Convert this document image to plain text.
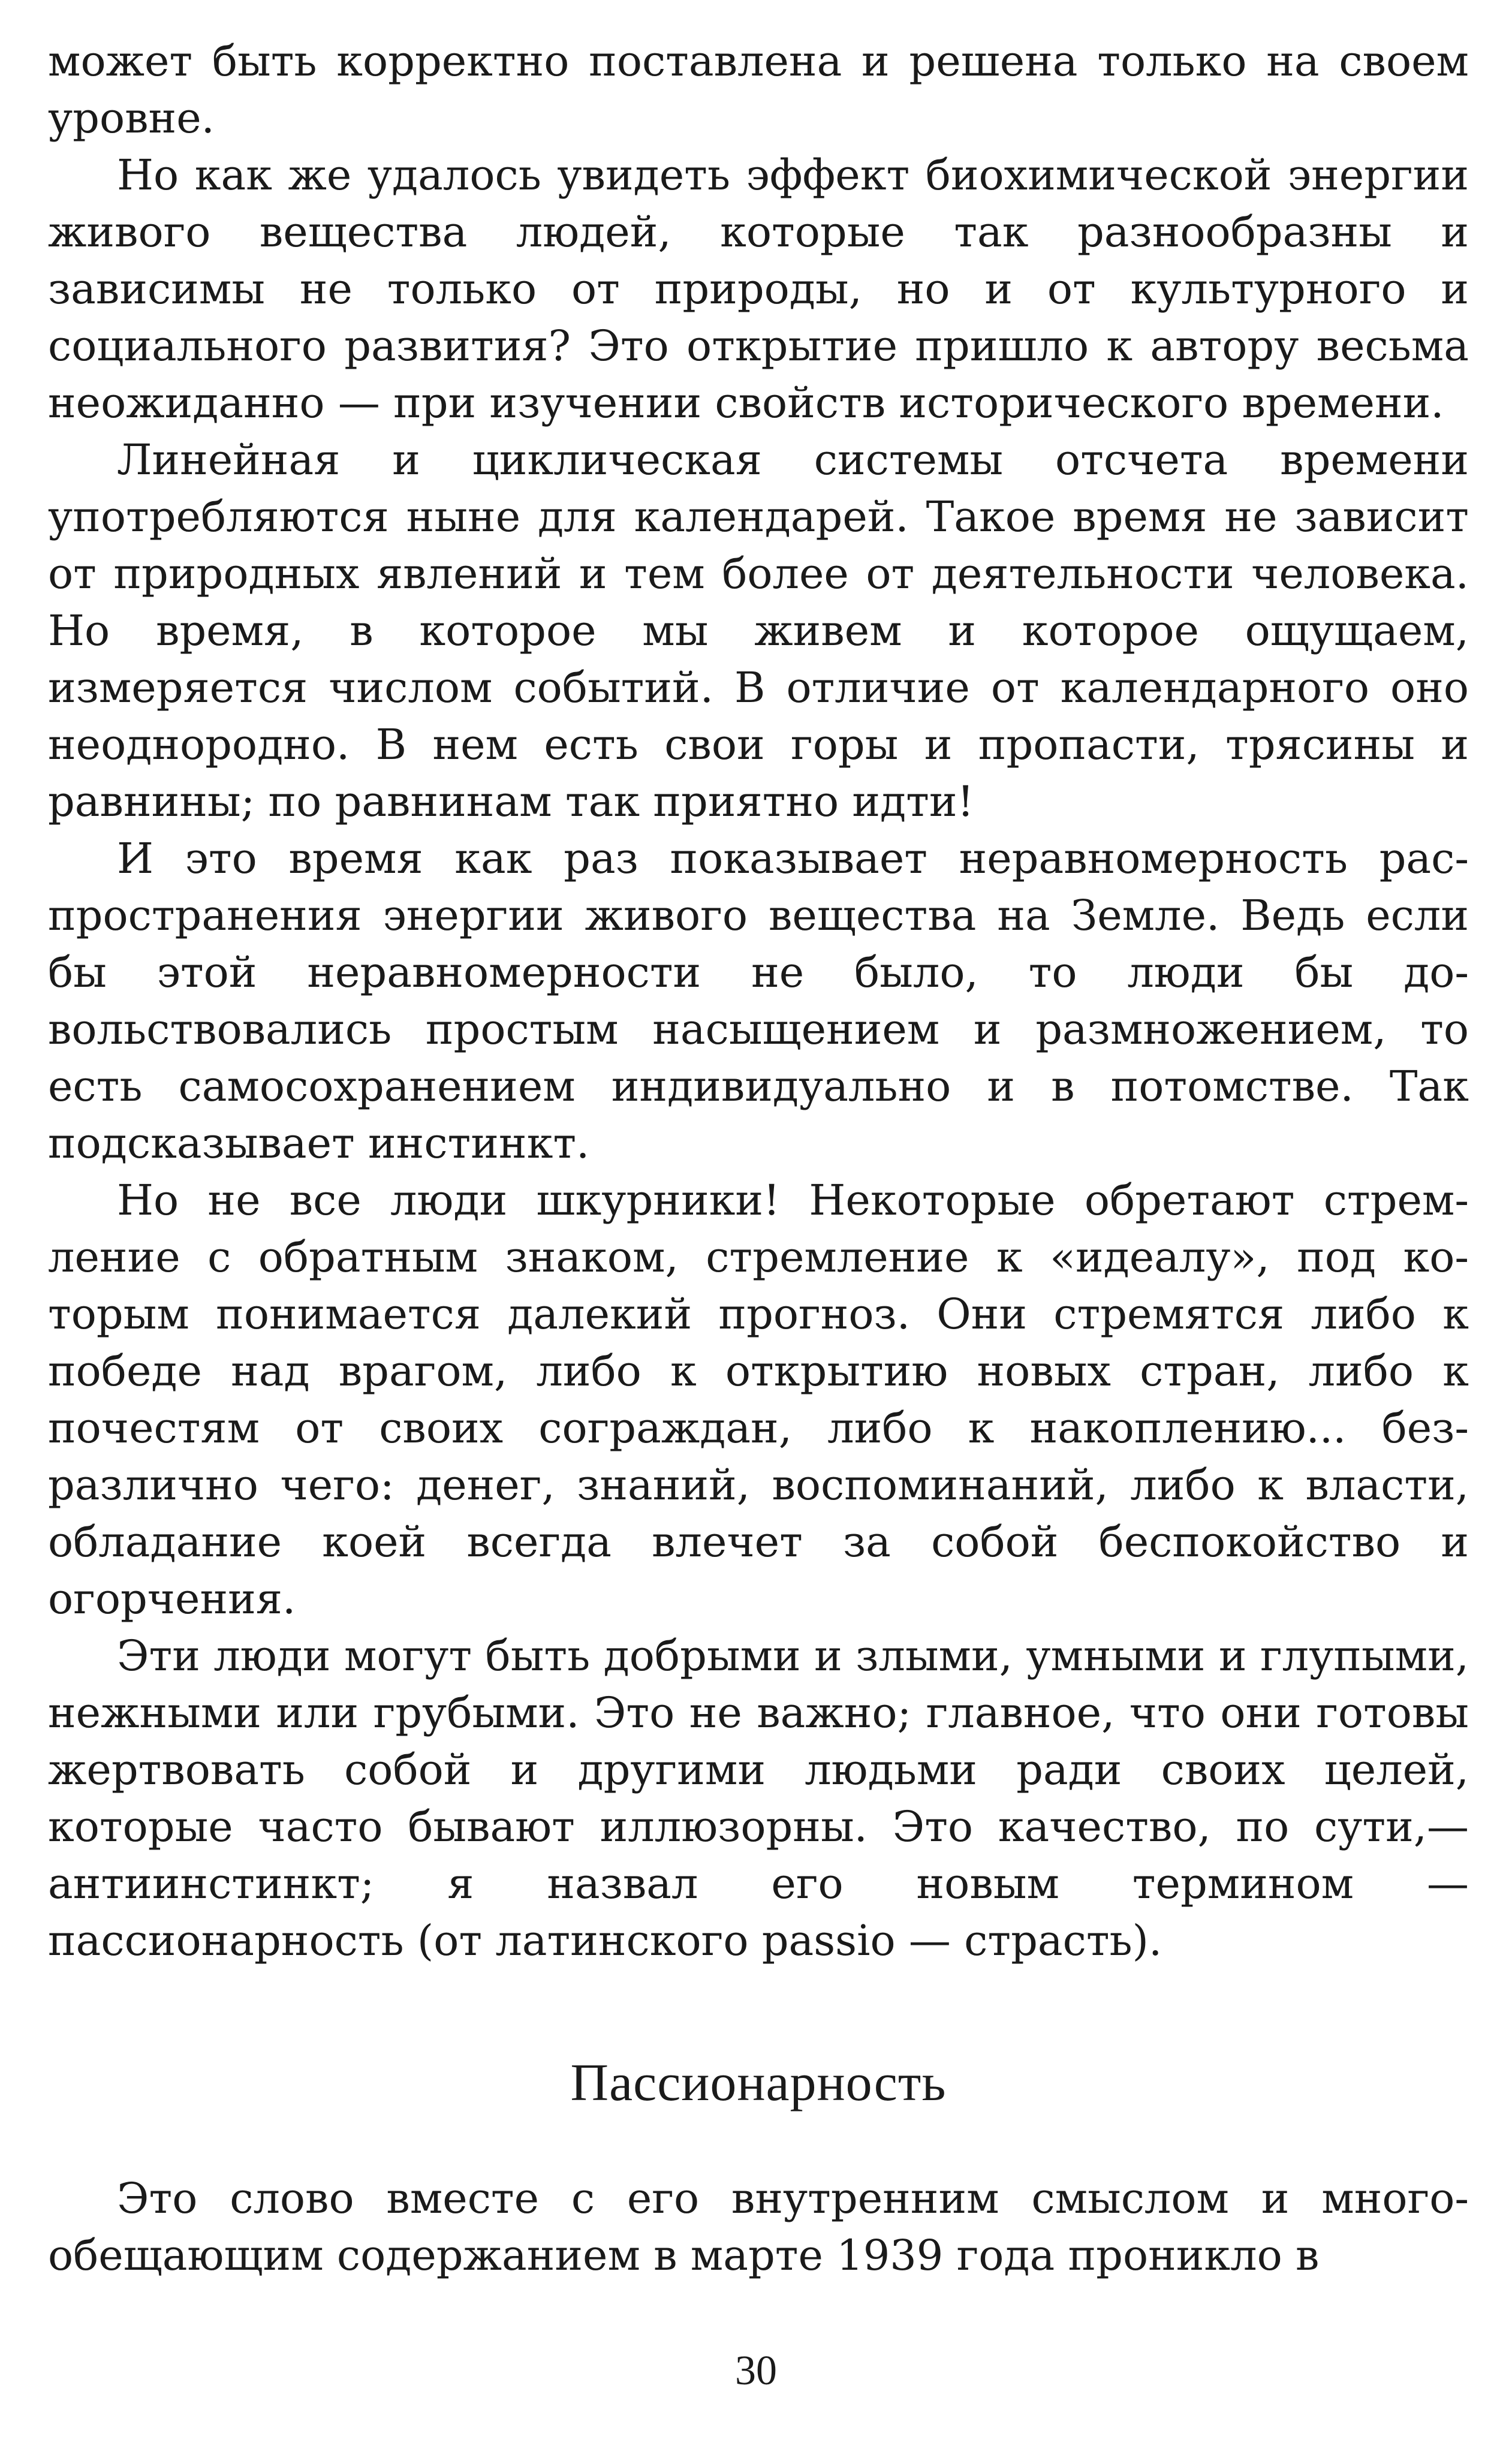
может быть корректно поставлена и решена только на своем уровне.

Но как же удалось увидеть эффект биохимической энергии живого вещества людей, которые так разнообразны и зависимы не только от природы, но и от культурного и социального развития? Это открытие пришло к автору весьма неожиданно — при изучении свойств исторического времени.

Линейная и циклическая системы отсчета времени употребляются ныне для календарей. Такое время не зависит от природных явлений и тем более от деятельности человека. Но время, в которое мы живем и которое ощущаем, измеряется числом событий. В отличие от календарного оно неоднородно. В нем есть свои горы и пропасти, трясины и равнины; по равнинам так приятно идти!

И это время как раз показывает неравномерность распространения энергии живого вещества на Земле. Ведь если бы этой неравномерности не было, то люди бы довольствовались простым насыщением и размножением, то есть самосохранением индивидуально и в потомстве. Так подсказывает инстинкт.

Но не все люди шкурники! Некоторые обретают стремление с обратным знаком, стремление к «идеалу», под которым понимается далекий прогноз. Они стремятся либо к победе над врагом, либо к открытию новых стран, либо к почестям от своих сограждан, либо к накоплению... безразлично чего: денег, знаний, воспоминаний, либо к власти, обладание коей всегда влечет за собой беспокойство и огорчения.

Эти люди могут быть добрыми и злыми, умными и глупыми, нежными или грубыми. Это не важно; главное, что они готовы жертвовать собой и другими людьми ради своих целей, которые часто бывают иллюзорны. Это качество, по сути,— антиинстинкт; я назвал его новым термином — пассионарность (от латинского passio — страсть).

Пассионарность

Это слово вместе с его внутренним смыслом и многообещающим содержанием в марте 1939 года проникло в

30
